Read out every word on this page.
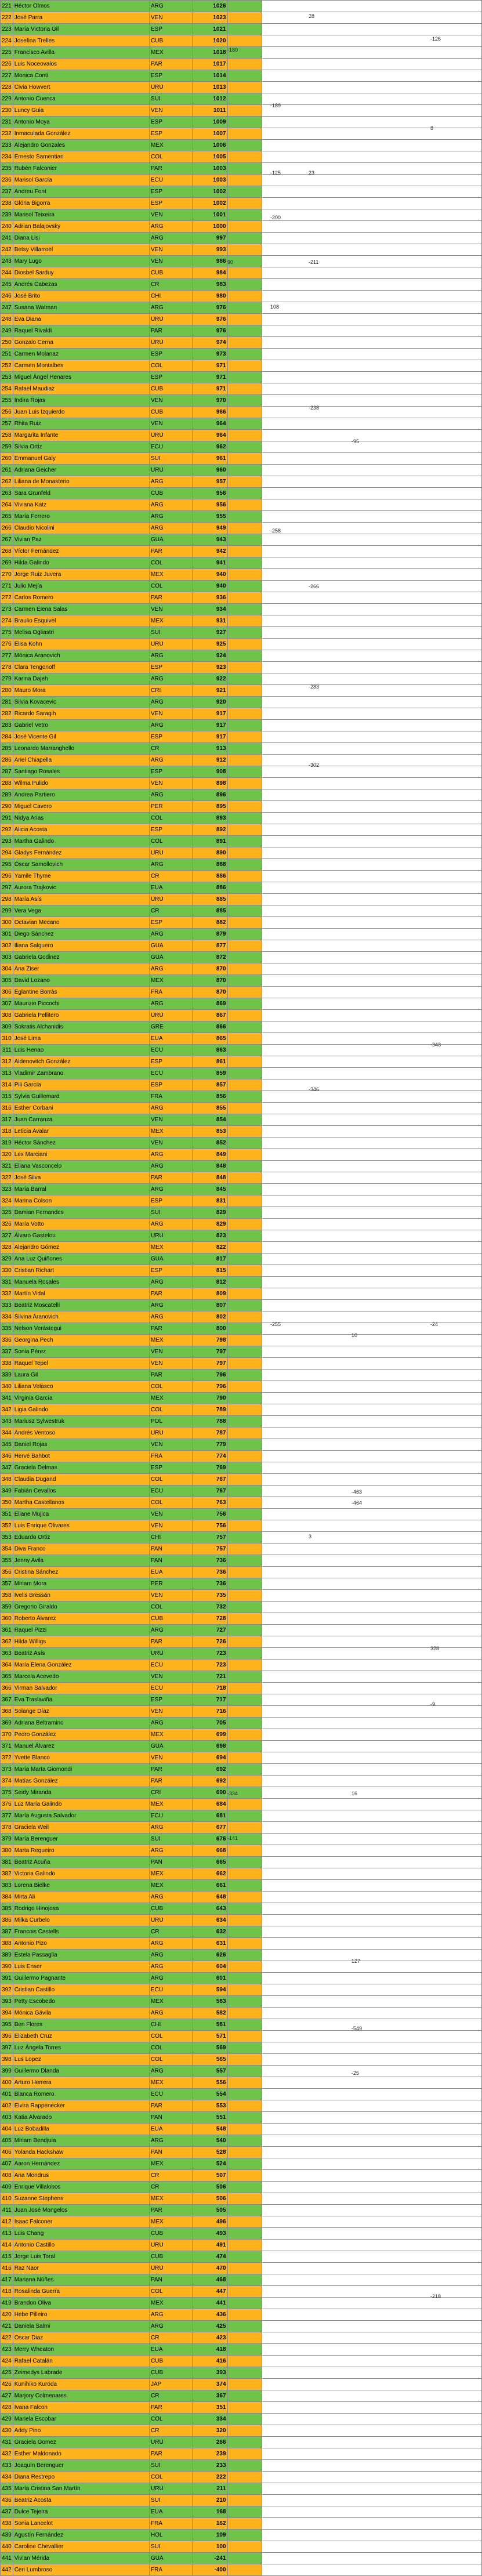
221	Héctor Olmos	ARG	1026		
222	José Parra	VEN	1023		
223	María Victoria Gil	ESP	1021		
224	Josefina Trelles	CUB	1020		
225	Francisco Avilla	MEX	1018		
226	Luis Noceovalos	PAR	1017		
227	Monica Conti	ESP	1014		
228	Civia Howvert	URU	1013		
229	Antonio Cuenca	SUI	1012		
230	Luncy Guia	VEN	1011		
231	Antonio Moya	ESP	1009		
232	Inmaculada González	ESP	1007		
233	Alejandro Gonzales	MEX	1006		
234	Ernesto Samentiari	COL	1005		
235	Rubén Falconier	PAR	1003		
236	Marisol García	ECU	1003		
237	Andreu Font	ESP	1002		
238	Glória Bigorra	ESP	1002		
239	Marisol Teixeira	VEN	1001		
240	Adrian Balajovsky	ARG	1000		
241	Diana Lisi	ARG	997		
242	Betsy Villarroel	VEN	993		
243	Mary Lugo	VEN	986		
244	Diosbel Sarduy	CUB	984		
245	Andrés Cabezas	CR	983		
246	José Brito	CHI	980		
247	Susana Watman	ARG	976		
248	Eva Diana	URU	976		
249	Raquel Rivaldi	PAR	976		
250	Gonzalo Cerna	URU	974		
251	Carmen Molanaz	ESP	973		
252	Carmen Montalbes	COL	971		
253	Miguel Ángel Henares	ESP	971		
254	Rafael Maudiaz	CUB	971		
255	Indira Rojas	VEN	970		
256	Juan Luis Izquierdo	CUB	966		
257	Rhita Ruiz	VEN	964		
258	Margarita Infante	URU	964		
259	Silvia Ortiz	ECU	962		
260	Emmanuel Galy	SUI	961		
261	Adriana Geicher	URU	960		
262	Liliana de Monasterio	ARG	957		
263	Sara Grunfeld	CUB	956		
264	Viviana Katz	ARG	956		
265	María Ferrero	ARG	955		
266	Claudio Nicolini	ARG	949		
267	Vivian Paz	GUA	943		
268	Víctor Fernández	PAR	942		
269	Hilda Galindo	COL	941		
270	Jorge Ruiz Juvera	MEX	940		
271	Julio Mejía	COL	940		
272	Carlos Romero	PAR	936		
273	Carmen Elena Salas	VEN	934		
274	Braulio Esquivel	MEX	931		
275	Melisa Ogliastri	SUI	927		
276	Elisa Kohn	URU	925		
277	Mónica Aranovich	ARG	924		
278	Clara Tengonoff	ESP	923		
279	Karina Dajeh	ARG	922		
280	Mauro Mora	CRI	921		
281	Silvia Kovacevic	ARG	920		
282	Ricardo Saragih	VEN	917		
283	Gabriel Vetro	ARG	917		
284	José Vicente Gil	ESP	917		
285	Leonardo Marranghello	CR	913		
286	Ariel Chiapella	ARG	912		
287	Santiago Rosales	ESP	908		
288	Wilma Pulido	VEN	898		
289	Andrea Partiero	ARG	896		
290	Miguel Cavero	PER	895		
291	Nidya Arias	COL	893		
292	Alicia Acosta	ESP	892		
293	Martha Galindo	COL	891		
294	Gladys Fernández	URU	890		
295	Óscar Samollovich	ARG	888		
296	Yamile Thyme	CR	886		
297	Aurora Trajkovic	EUA	886		
298	María Asís	URU	885		
299	Vera Vega	CR	885		
300	Octavian Mecano	ESP	882		
301	Diego Sánchez	ARG	879		
302	Iliana Salguero	GUA	877		
303	Gabriela Godinez	GUA	872		
304	Ana Ziser	ARG	870		
305	David Lozano	MEX	870		
306	Eglantine Borràs	FRA	870		
307	Maurizio Piccochi	ARG	869		
308	Gabriela Pellitero	URU	867		
309	Sokratis Alchanidis	GRE	866		
310	José Lima	EUA	865		
311	Luis Henao	ECU	863		
312	Aldenovitch González	ESP	861		
313	Vladimir Zambrano	ECU	859		
314	Pili García	ESP	857		
315	Sylvia Guillemard	FRA	856		
316	Esther Corbani	ARG	855		
317	Juan Carranza	VEN	854		
318	Leticia Avalar	MEX	853		
319	Héctor Sánchez	VEN	852		
320	Lex Marciani	ARG	849		
321	Eliana Vasconcelo	ARG	848		
322	José Silva	PAR	848		
323	María Barral	ARG	845		
324	Marina Colson	ESP	831		
325	Damian Fernandes	SUI	829		
326	María Votto	ARG	829		
327	Álvaro Gastelou	URU	823		
328	Alejandro Gómez	MEX	822		
329	Ana Luz Quiñones	GUA	817		
330	Cristian Richart	ESP	815		
331	Manuela Rosales	ARG	812		
332	Martín Vidal	PAR	809		
333	Beatriz Moscatelli	ARG	807		
334	Silvina Aranovich	ARG	802		
335	Nelson Verástegui	PAR	800		
336	Georgina Pech	MEX	798		
337	Sonia Pérez	VEN	797		
338	Raquel Tepel	VEN	797		
339	Laura Gil	PAR	796		
340	Liliana Velasco	COL	796		
341	Virginia García	MEX	790		
342	Ligia Galindo	COL	789		
343	Mariusz Sylwestruk	POL	788		
344	Andrés Ventoso	URU	787		
345	Daniel Rojas	VEN	779		
346	Hervé Bahbot	FRA	774		
347	Graciela Delmas	ESP	769		
348	Claudia Dugand	COL	767		
349	Fabián Cevallos	ECU	767		
350	Martha Castellanos	COL	763		
351	Eliane Mujica	VEN	756		
352	Luis Enrique Olivares	VEN	756		
353	Eduardo Ortiz	CHI	757		
354	Diva Franco	PAN	757		
355	Jenny Avila	PAN	736		
356	Cristina Sánchez	EUA	736		
357	Miriam Mora	PER	736		
358	Ivelis Bressán	VEN	735		
359	Gregorio Giraldo	COL	732		
360	Roberto Álvarez	CUB	728		
361	Raquel Pizzi	ARG	727		
362	Hilda Willigs	PAR	726		
363	Beatriz Asís	URU	723		
364	María Elena González	ECU	723		
365	Marcela Acevedo	VEN	721		
366	Virman Salvador	ECU	718		
367	Eva Traslaviña	ESP	717		
368	Solange Díaz	VEN	716		
369	Adriana Beltramino	ARG	705		
370	Pedro González	MEX	699		
371	Manuel Álvarez	GUA	698		
372	Yvette Blanco	VEN	694		
373	María Marta Giomondi	PAR	692		
374	Matías González	PAR	692		
375	Seidy Miranda	CRI	690		
376	Luz María Galindo	MEX	684		
377	María Augusta Salvador	ECU	681		
378	Graciela Weil	ARG	677		
379	María Berenguer	SUI	676		
380	Marta Regueiro	ARG	668		
381	Beatriz Acuña	PAN	665		
382	Victoria Galindo	MEX	662		
383	Lorena Bielke	MEX	661		
384	Mirta Ali	ARG	648		
385	Rodrigo Hinojosa	CUB	643		
386	Milka Curbelo	URU	634		
387	Francois Castells	CR	632		
388	Antonio Pizo	ARG	631		
389	Estela Passaglia	ARG	626		
390	Luis Enser	ARG	604		
391	Guillermo Pagnante	ARG	601		
392	Cristian Castillo	ECU	594		
393	Petty Escobedo	MEX	583		
394	Mónica Gävila	ARG	582		
395	Ben Flores	CHI	581		
396	Elizabeth Cruz	COL	571		
397	Luz Ángela Torres	COL	569		
398	Lus Lopez	COL	565		
399	Guillermo Dlanda	ARG	557		
400	Arturo Herrera	MEX	556		
401	Blanca Romero	ECU	554		
402	Elvira Rappenecker	PAR	553		
403	Katia Alvarado	PAN	551		
404	Luz Bobadilla	EUA	548		
405	Miriam Bendjuia	ARG	540		
406	Yolanda Hackshaw	PAN	528		
407	Aaron Hernández	MEX	524		
408	Ana Mondrus	CR	507		
409	Enrique Villalobos	CR	506		
410	Suzanne Stephens	MEX	506		
411	Juan José Mongelos	PAR	505		
412	Isaac Falconer	MEX	496		
413	Luis Chang	CUB	493		
414	Antonio Castillo	URU	491		
415	Jorge Luis Toral	CUB	474		
416	Raz Naor	URU	470		
417	Mariana Núñes	PAN	468		
418	Rosalinda Guerra	COL	447		
419	Brandon Oliva	MEX	441		
420	Hebe Pilleiro	ARG	436		
421	Daniela Salmi	ARG	425		
422	Oscar Diaz	CR	423		
423	Merry Wheaton	EUA	418		
424	Rafael Catalán	CUB	416		
425	Zeimedys Labrade	CUB	393		
426	Kunihiko Kuroda	JAP	374		
427	Marjory Colmenares	CR	367		
428	Ivana Falcon	PAR	351		
429	Mariela Escobar	COL	334		
430	Addy Pino	CR	320		
431	Graciela Gomez	URU	266		
432	Esther Maldonado	PAR	239		
433	Joaquín Berenguer	SUI	233		
434	Diana Restrepo	COL	222		
435	María Cristina San Martín	URU	211		
436	Beatriz Acosta	SUI	210		
437	Dulce Tejeira	EUA	168		
438	Sonia Lancelot	FRA	162		
439	Agustín Fernández	HOL	109		
440	Caroline Chevallier	SUI	100		
441	Vivian Mérida	GUA	-241		
442	Ceri Lumbroso	FRA	-400		
28
-126
-180
-189
8
-125	23
-200
-211
90
108
-238
-95
-258
-266
-283
-302
-343
-346
-24
-255
10
-463
-464
3
328
-9
-334	16
-141
127
-549
-25
-218
